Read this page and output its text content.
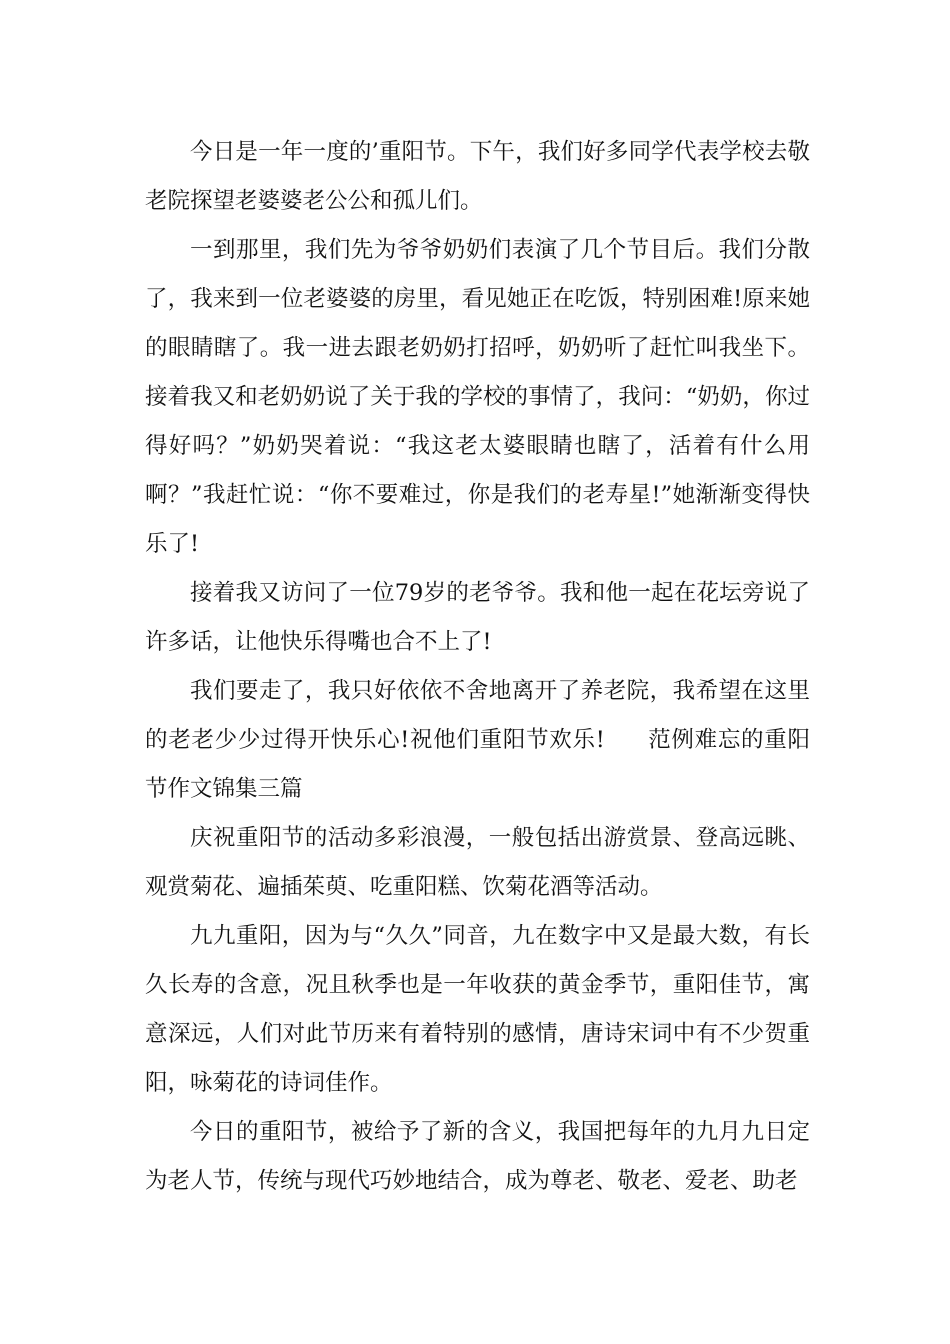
今日是一年一度的’重阳节。下午，我们好多同学代表学校去敬老院探望老婆婆老公公和孤儿们。

一到那里，我们先为爷爷奶奶们表演了几个节目后。我们分散了，我来到一位老婆婆的房里，看见她正在吃饭，特别困难!原来她的眼睛瞎了。我一进去跟老奶奶打招呼，奶奶听了赶忙叫我坐下。接着我又和老奶奶说了关于我的学校的事情了，我问：“奶奶，你过得好吗？”奶奶哭着说：“我这老太婆眼睛也瞎了，活着有什么用啊？”我赶忙说：“你不要难过，你是我们的老寿星!”她渐渐变得快乐了!

接着我又访问了一位79岁的老爷爷。我和他一起在花坛旁说了许多话，让他快乐得嘴也合不上了!

我们要走了，我只好依依不舍地离开了养老院，我希望在这里的老老少少过得开快乐心!祝他们重阳节欢乐! 范例难忘的重阳节作文锦集三篇

庆祝重阳节的活动多彩浪漫，一般包括出游赏景、登高远眺、观赏菊花、遍插茱萸、吃重阳糕、饮菊花酒等活动。

九九重阳，因为与“久久”同音，九在数字中又是最大数，有长久长寿的含意，况且秋季也是一年收获的黄金季节，重阳佳节，寓意深远，人们对此节历来有着特别的感情，唐诗宋词中有不少贺重阳，咏菊花的诗词佳作。

今日的重阳节，被给予了新的含义，我国把每年的九月九日定为老人节，传统与现代巧妙地结合，成为尊老、敬老、爱老、助老
